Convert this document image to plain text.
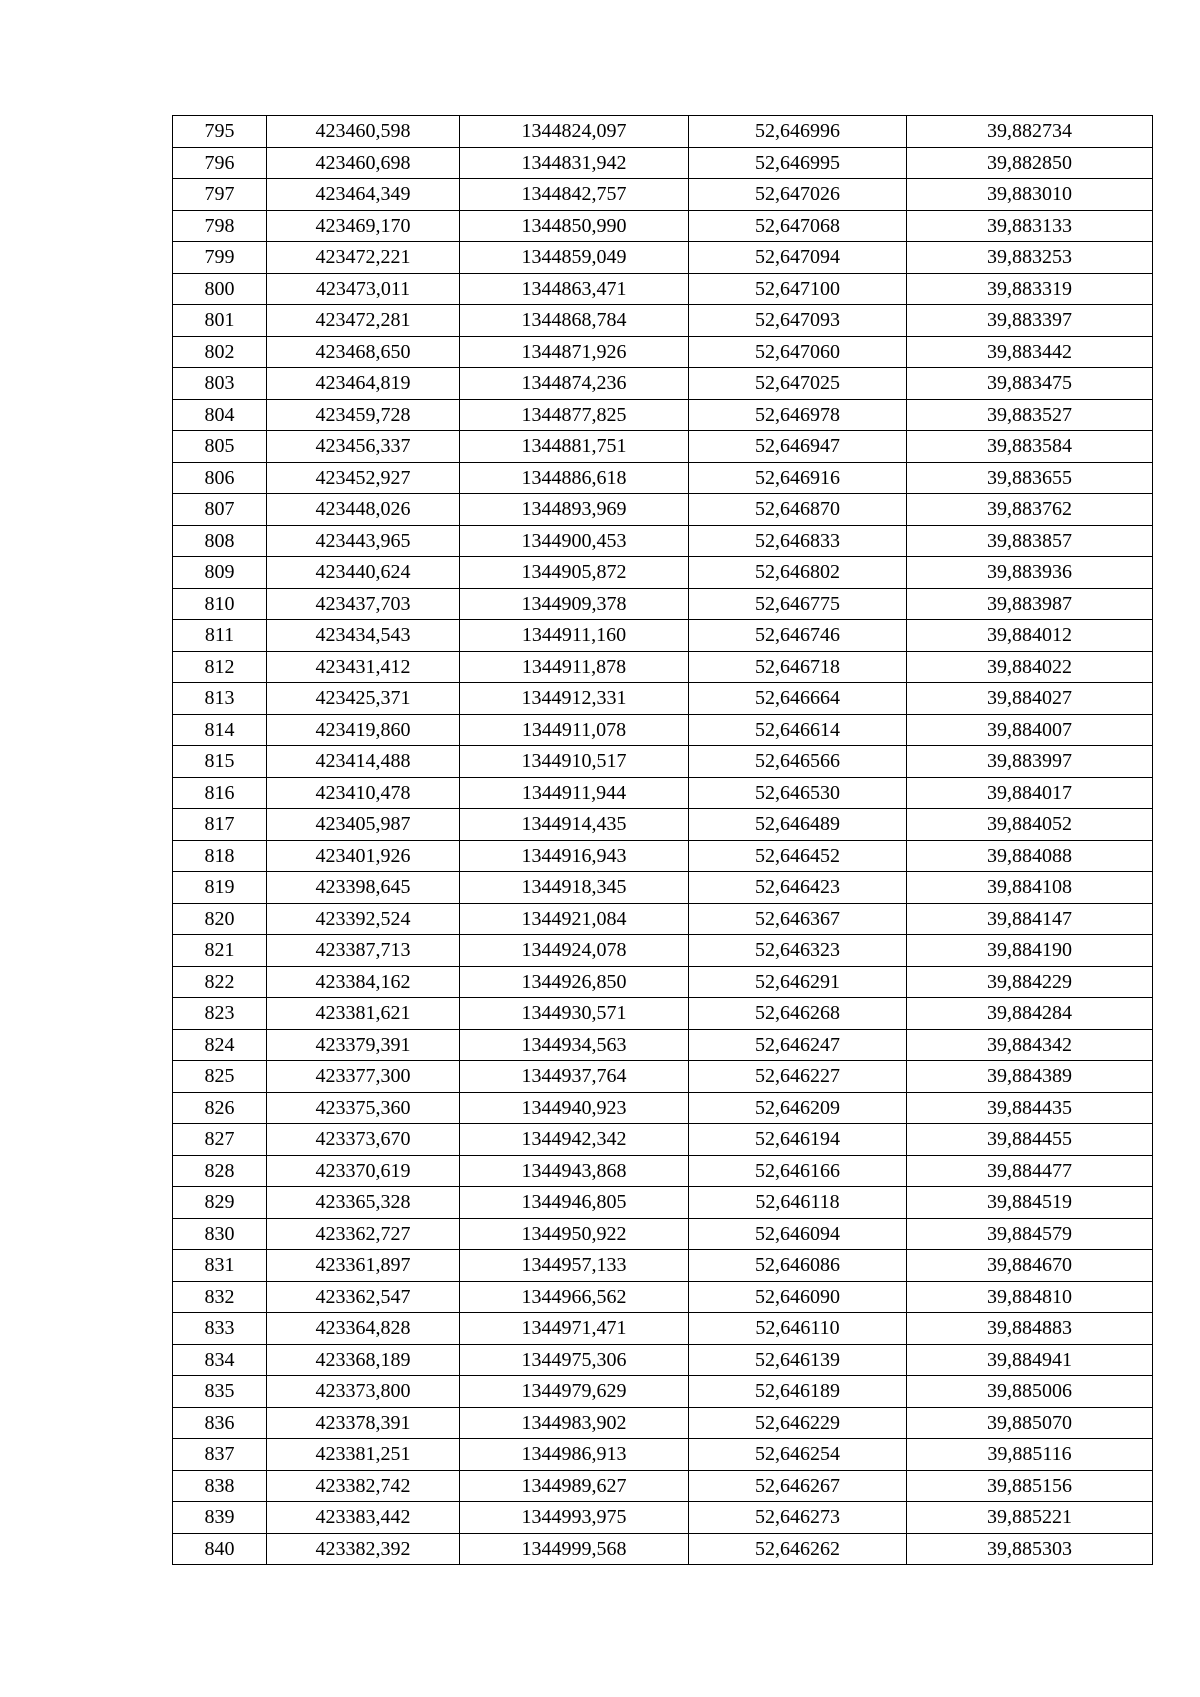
795	423460,598	1344824,097	52,646996	39,882734
796	423460,698	1344831,942	52,646995	39,882850
797	423464,349	1344842,757	52,647026	39,883010
798	423469,170	1344850,990	52,647068	39,883133
799	423472,221	1344859,049	52,647094	39,883253
800	423473,011	1344863,471	52,647100	39,883319
801	423472,281	1344868,784	52,647093	39,883397
802	423468,650	1344871,926	52,647060	39,883442
803	423464,819	1344874,236	52,647025	39,883475
804	423459,728	1344877,825	52,646978	39,883527
805	423456,337	1344881,751	52,646947	39,883584
806	423452,927	1344886,618	52,646916	39,883655
807	423448,026	1344893,969	52,646870	39,883762
808	423443,965	1344900,453	52,646833	39,883857
809	423440,624	1344905,872	52,646802	39,883936
810	423437,703	1344909,378	52,646775	39,883987
811	423434,543	1344911,160	52,646746	39,884012
812	423431,412	1344911,878	52,646718	39,884022
813	423425,371	1344912,331	52,646664	39,884027
814	423419,860	1344911,078	52,646614	39,884007
815	423414,488	1344910,517	52,646566	39,883997
816	423410,478	1344911,944	52,646530	39,884017
817	423405,987	1344914,435	52,646489	39,884052
818	423401,926	1344916,943	52,646452	39,884088
819	423398,645	1344918,345	52,646423	39,884108
820	423392,524	1344921,084	52,646367	39,884147
821	423387,713	1344924,078	52,646323	39,884190
822	423384,162	1344926,850	52,646291	39,884229
823	423381,621	1344930,571	52,646268	39,884284
824	423379,391	1344934,563	52,646247	39,884342
825	423377,300	1344937,764	52,646227	39,884389
826	423375,360	1344940,923	52,646209	39,884435
827	423373,670	1344942,342	52,646194	39,884455
828	423370,619	1344943,868	52,646166	39,884477
829	423365,328	1344946,805	52,646118	39,884519
830	423362,727	1344950,922	52,646094	39,884579
831	423361,897	1344957,133	52,646086	39,884670
832	423362,547	1344966,562	52,646090	39,884810
833	423364,828	1344971,471	52,646110	39,884883
834	423368,189	1344975,306	52,646139	39,884941
835	423373,800	1344979,629	52,646189	39,885006
836	423378,391	1344983,902	52,646229	39,885070
837	423381,251	1344986,913	52,646254	39,885116
838	423382,742	1344989,627	52,646267	39,885156
839	423383,442	1344993,975	52,646273	39,885221
840	423382,392	1344999,568	52,646262	39,885303
